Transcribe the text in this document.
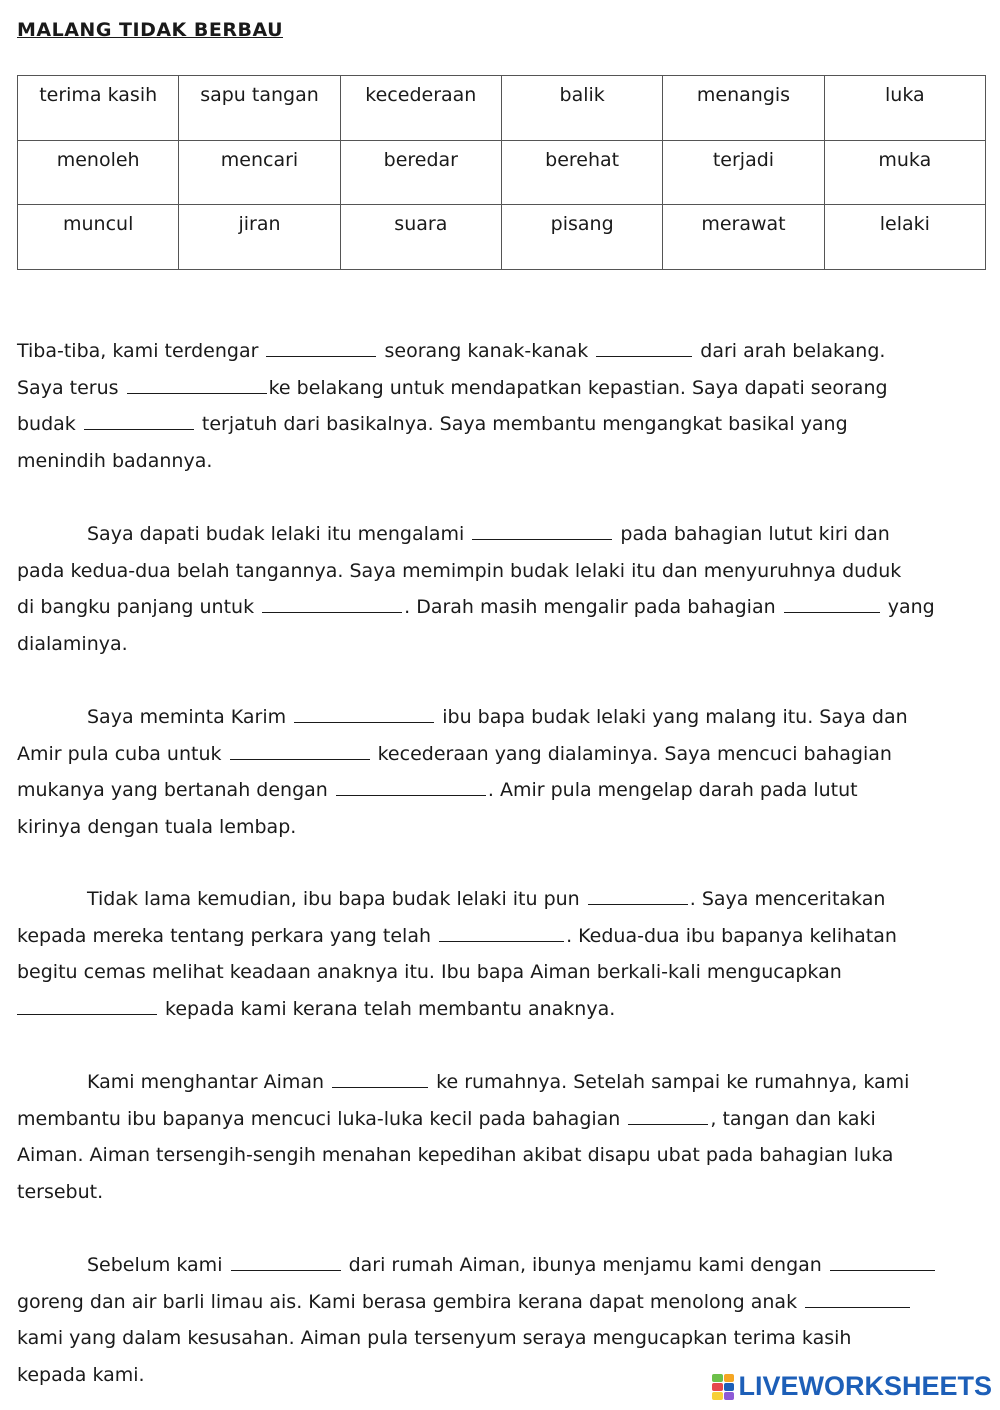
MALANG TIDAK BERBAU
terima kasih	sapu tangan	kecederaan	balik	menangis	luka
menoleh	mencari	beredar	berehat	terjadi	muka
muncul	jiran	suara	pisang	merawat	lelaki
Tiba-tiba, kami terdengar	seorang kanak-kanak	dari arah belakang.
Saya terus	ke belakang untuk mendapatkan kepastian. Saya dapati seorang
budak	terjatuh dari basikalnya. Saya membantu mengangkat basikal yang
menindih badannya.
Saya dapati budak lelaki itu mengalami	pada bahagian lutut kiri dan
pada kedua-dua belah tangannya. Saya memimpin budak lelaki itu dan menyuruhnya duduk
di bangku panjang untuk	. Darah masih mengalir pada bahagian	yang
dialaminya.
Saya meminta Karim	ibu bapa budak lelaki yang malang itu. Saya dan
Amir pula cuba untuk	kecederaan yang dialaminya. Saya mencuci bahagian
mukanya yang bertanah dengan	. Amir pula mengelap darah pada lutut
kirinya dengan tuala lembap.
Tidak lama kemudian, ibu bapa budak lelaki itu pun	. Saya menceritakan
kepada mereka tentang perkara yang telah	. Kedua-dua ibu bapanya kelihatan
begitu cemas melihat keadaan anaknya itu. Ibu bapa Aiman berkali-kali mengucapkan
kepada kami kerana telah membantu anaknya.
Kami menghantar Aiman	ke rumahnya. Setelah sampai ke rumahnya, kami
membantu ibu bapanya mencuci luka-luka kecil pada bahagian	, tangan dan kaki
Aiman. Aiman tersengih-sengih menahan kepedihan akibat disapu ubat pada bahagian luka
tersebut.
Sebelum kami	dari rumah Aiman, ibunya menjamu kami dengan
goreng dan air barli limau ais. Kami berasa gembira kerana dapat menolong anak
kami yang dalam kesusahan. Aiman pula tersenyum seraya mengucapkan terima kasih
kepada kami.	LIVEWORKSHEETS
